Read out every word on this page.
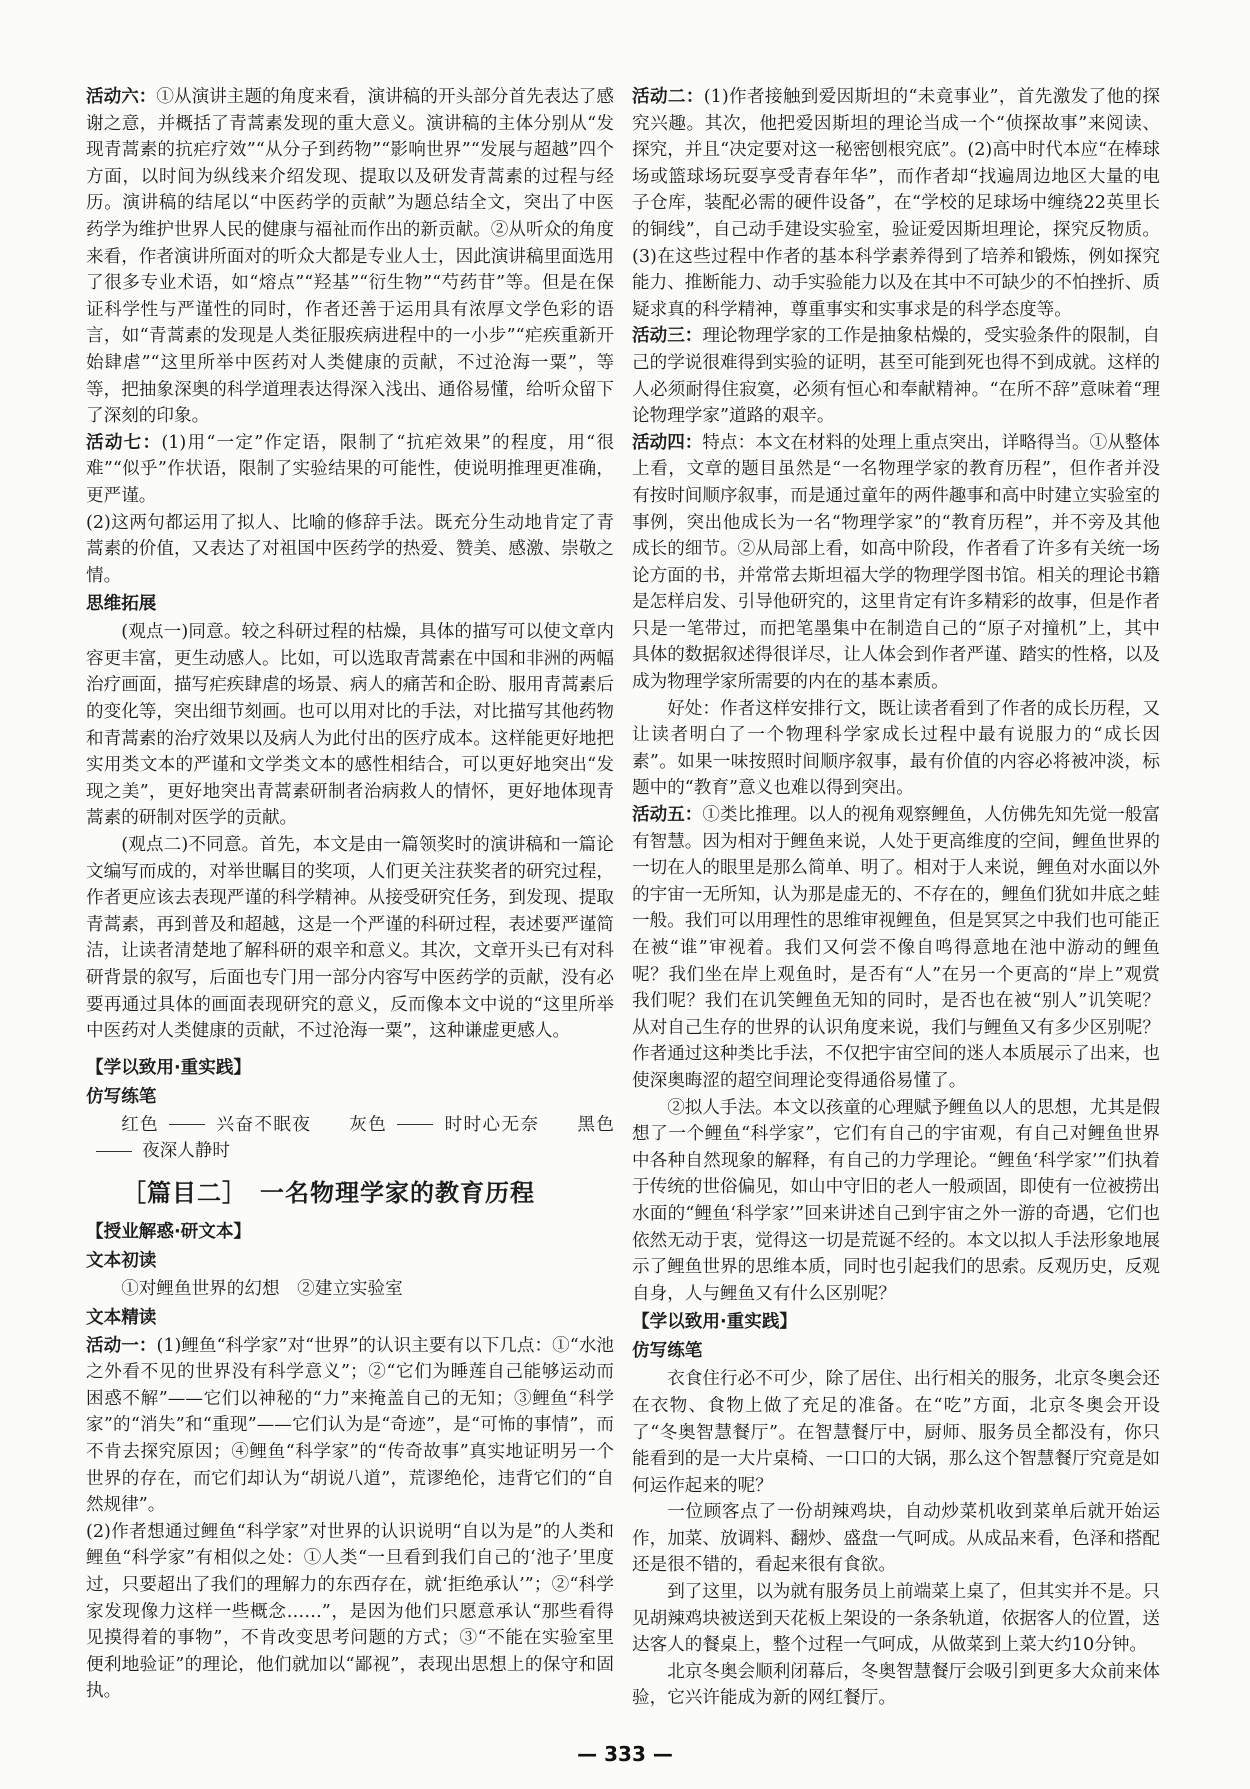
活动六：①从演讲主题的角度来看，演讲稿的开头部分首先表达了感谢之意，并概括了青蒿素发现的重大意义。演讲稿的主体分别从“发现青蒿素的抗疟疗效”“从分子到药物”“影响世界”“发展与超越”四个方面，以时间为纵线来介绍发现、提取以及研发青蒿素的过程与经历。演讲稿的结尾以“中医药学的贡献”为题总结全文，突出了中医药学为维护世界人民的健康与福祉而作出的新贡献。②从听众的角度来看，作者演讲所面对的听众大都是专业人士，因此演讲稿里面选用了很多专业术语，如“熔点”“羟基”“衍生物”“芍药苷”等。但是在保证科学性与严谨性的同时，作者还善于运用具有浓厚文学色彩的语言，如“青蒿素的发现是人类征服疾病进程中的一小步”“疟疾重新开始肆虐”“这里所举中医药对人类健康的贡献，不过沧海一粟”，等等，把抽象深奥的科学道理表达得深入浅出、通俗易懂，给听众留下了深刻的印象。

活动七：(1)用“一定”作定语，限制了“抗疟效果”的程度，用“很难”“似乎”作状语，限制了实验结果的可能性，使说明推理更准确，更严谨。

(2)这两句都运用了拟人、比喻的修辞手法。既充分生动地肯定了青蒿素的价值，又表达了对祖国中医药学的热爱、赞美、感激、崇敬之情。

思维拓展

(观点一)同意。较之科研过程的枯燥，具体的描写可以使文章内容更丰富，更生动感人。比如，可以选取青蒿素在中国和非洲的两幅治疗画面，描写疟疾肆虐的场景、病人的痛苦和企盼、服用青蒿素后的变化等，突出细节刻画。也可以用对比的手法，对比描写其他药物和青蒿素的治疗效果以及病人为此付出的医疗成本。这样能更好地把实用类文本的严谨和文学类文本的感性相结合，可以更好地突出“发现之美”，更好地突出青蒿素研制者治病救人的情怀，更好地体现青蒿素的研制对医学的贡献。

(观点二)不同意。首先，本文是由一篇领奖时的演讲稿和一篇论文编写而成的，对举世瞩目的奖项，人们更关注获奖者的研究过程，作者更应该去表现严谨的科学精神。从接受研究任务，到发现、提取青蒿素，再到普及和超越，这是一个严谨的科研过程，表述要严谨简洁，让读者清楚地了解科研的艰辛和意义。其次，文章开头已有对科研背景的叙写，后面也专门用一部分内容写中医药学的贡献，没有必要再通过具体的画面表现研究的意义，反而像本文中说的“这里所举中医药对人类健康的贡献，不过沧海一粟”，这种谦虚更感人。

【学以致用·重实践】
仿写练笔

红色	兴奋不眠夜　　 灰色	时时心无奈　　 黑色夜深人静时

［篇目二］　一名物理学家的教育历程
【授业解惑·研文本】
文本初读

①对鲤鱼世界的幻想　②建立实验室

文本精读

活动一：(1)鲤鱼“科学家”对“世界”的认识主要有以下几点：①“水池之外看不见的世界没有科学意义”；②“它们为睡莲自己能够运动而困惑不解”——它们以神秘的“力”来掩盖自己的无知；③鲤鱼“科学家”的“消失”和“重现”——它们认为是“奇迹”，是“可怖的事情”，而不肯去探究原因；④鲤鱼“科学家”的“传奇故事”真实地证明另一个世界的存在，而它们却认为“胡说八道”，荒谬绝伦，违背它们的“自然规律”。

(2)作者想通过鲤鱼“科学家”对世界的认识说明“自以为是”的人类和鲤鱼“科学家”有相似之处：①人类“一旦看到我们自己的‘池子’里度过，只要超出了我们的理解力的东西存在，就‘拒绝承认’”；②“科学家发现像力这样一些概念……”，是因为他们只愿意承认“那些看得见摸得着的事物”，不肯改变思考问题的方式；③“不能在实验室里便利地验证”的理论，他们就加以“鄙视”，表现出思想上的保守和固执。

活动二：(1)作者接触到爱因斯坦的“未竟事业”，首先激发了他的探究兴趣。其次，他把爱因斯坦的理论当成一个“侦探故事”来阅读、探究，并且“决定要对这一秘密刨根究底”。(2)高中时代本应“在棒球场或篮球场玩耍享受青春年华”，而作者却“找遍周边地区大量的电子仓库，装配必需的硬件设备”，在“学校的足球场中缠绕22英里长的铜线”，自己动手建设实验室，验证爱因斯坦理论，探究反物质。(3)在这些过程中作者的基本科学素养得到了培养和锻炼，例如探究能力、推断能力、动手实验能力以及在其中不可缺少的不怕挫折、质疑求真的科学精神，尊重事实和实事求是的科学态度等。

活动三：理论物理学家的工作是抽象枯燥的，受实验条件的限制，自己的学说很难得到实验的证明，甚至可能到死也得不到成就。这样的人必须耐得住寂寞，必须有恒心和奉献精神。“在所不辞”意味着“理论物理学家”道路的艰辛。

活动四：特点：本文在材料的处理上重点突出，详略得当。①从整体上看，文章的题目虽然是“一名物理学家的教育历程”，但作者并没有按时间顺序叙事，而是通过童年的两件趣事和高中时建立实验室的事例，突出他成长为一名“物理学家”的“教育历程”，并不旁及其他成长的细节。②从局部上看，如高中阶段，作者看了许多有关统一场论方面的书，并常常去斯坦福大学的物理学图书馆。相关的理论书籍是怎样启发、引导他研究的，这里肯定有许多精彩的故事，但是作者只是一笔带过，而把笔墨集中在制造自己的“原子对撞机”上，其中具体的数据叙述得很详尽，让人体会到作者严谨、踏实的性格，以及成为物理学家所需要的内在的基本素质。

好处：作者这样安排行文，既让读者看到了作者的成长历程，又让读者明白了一个物理科学家成长过程中最有说服力的“成长因素”。如果一味按照时间顺序叙事，最有价值的内容必将被冲淡，标题中的“教育”意义也难以得到突出。

活动五：①类比推理。以人的视角观察鲤鱼，人仿佛先知先觉一般富有智慧。因为相对于鲤鱼来说，人处于更高维度的空间，鲤鱼世界的一切在人的眼里是那么简单、明了。相对于人来说，鲤鱼对水面以外的宇宙一无所知，认为那是虚无的、不存在的，鲤鱼们犹如井底之蛙一般。我们可以用理性的思维审视鲤鱼，但是冥冥之中我们也可能正在被“谁”审视着。我们又何尝不像自鸣得意地在池中游动的鲤鱼呢？我们坐在岸上观鱼时，是否有“人”在另一个更高的“岸上”观赏我们呢？我们在讥笑鲤鱼无知的同时，是否也在被“别人”讥笑呢？从对自己生存的世界的认识角度来说，我们与鲤鱼又有多少区别呢？作者通过这种类比手法，不仅把宇宙空间的迷人本质展示了出来，也使深奥晦涩的超空间理论变得通俗易懂了。

②拟人手法。本文以孩童的心理赋予鲤鱼以人的思想，尤其是假想了一个鲤鱼“科学家”，它们有自己的宇宙观，有自己对鲤鱼世界中各种自然现象的解释，有自己的力学理论。“鲤鱼‘科学家’”们执着于传统的世俗偏见，如山中守旧的老人一般顽固，即使有一位被捞出水面的“鲤鱼‘科学家’”回来讲述自己到宇宙之外一游的奇遇，它们也依然无动于衷，觉得这一切是荒诞不经的。本文以拟人手法形象地展示了鲤鱼世界的思维本质，同时也引起我们的思索。反观历史，反观自身，人与鲤鱼又有什么区别呢？

【学以致用·重实践】
仿写练笔

衣食住行必不可少，除了居住、出行相关的服务，北京冬奥会还在衣物、食物上做了充足的准备。在“吃”方面，北京冬奥会开设了“冬奥智慧餐厅”。在智慧餐厅中，厨师、服务员全都没有，你只能看到的是一大片桌椅、一口口的大锅，那么这个智慧餐厅究竟是如何运作起来的呢？

一位顾客点了一份胡辣鸡块，自动炒菜机收到菜单后就开始运作，加菜、放调料、翻炒、盛盘一气呵成。从成品来看，色泽和搭配还是很不错的，看起来很有食欲。

到了这里，以为就有服务员上前端菜上桌了，但其实并不是。只见胡辣鸡块被送到天花板上架设的一条条轨道，依据客人的位置，送达客人的餐桌上，整个过程一气呵成，从做菜到上菜大约10分钟。

北京冬奥会顺利闭幕后，冬奥智慧餐厅会吸引到更多大众前来体验，它兴许能成为新的网红餐厅。

— 333 —
